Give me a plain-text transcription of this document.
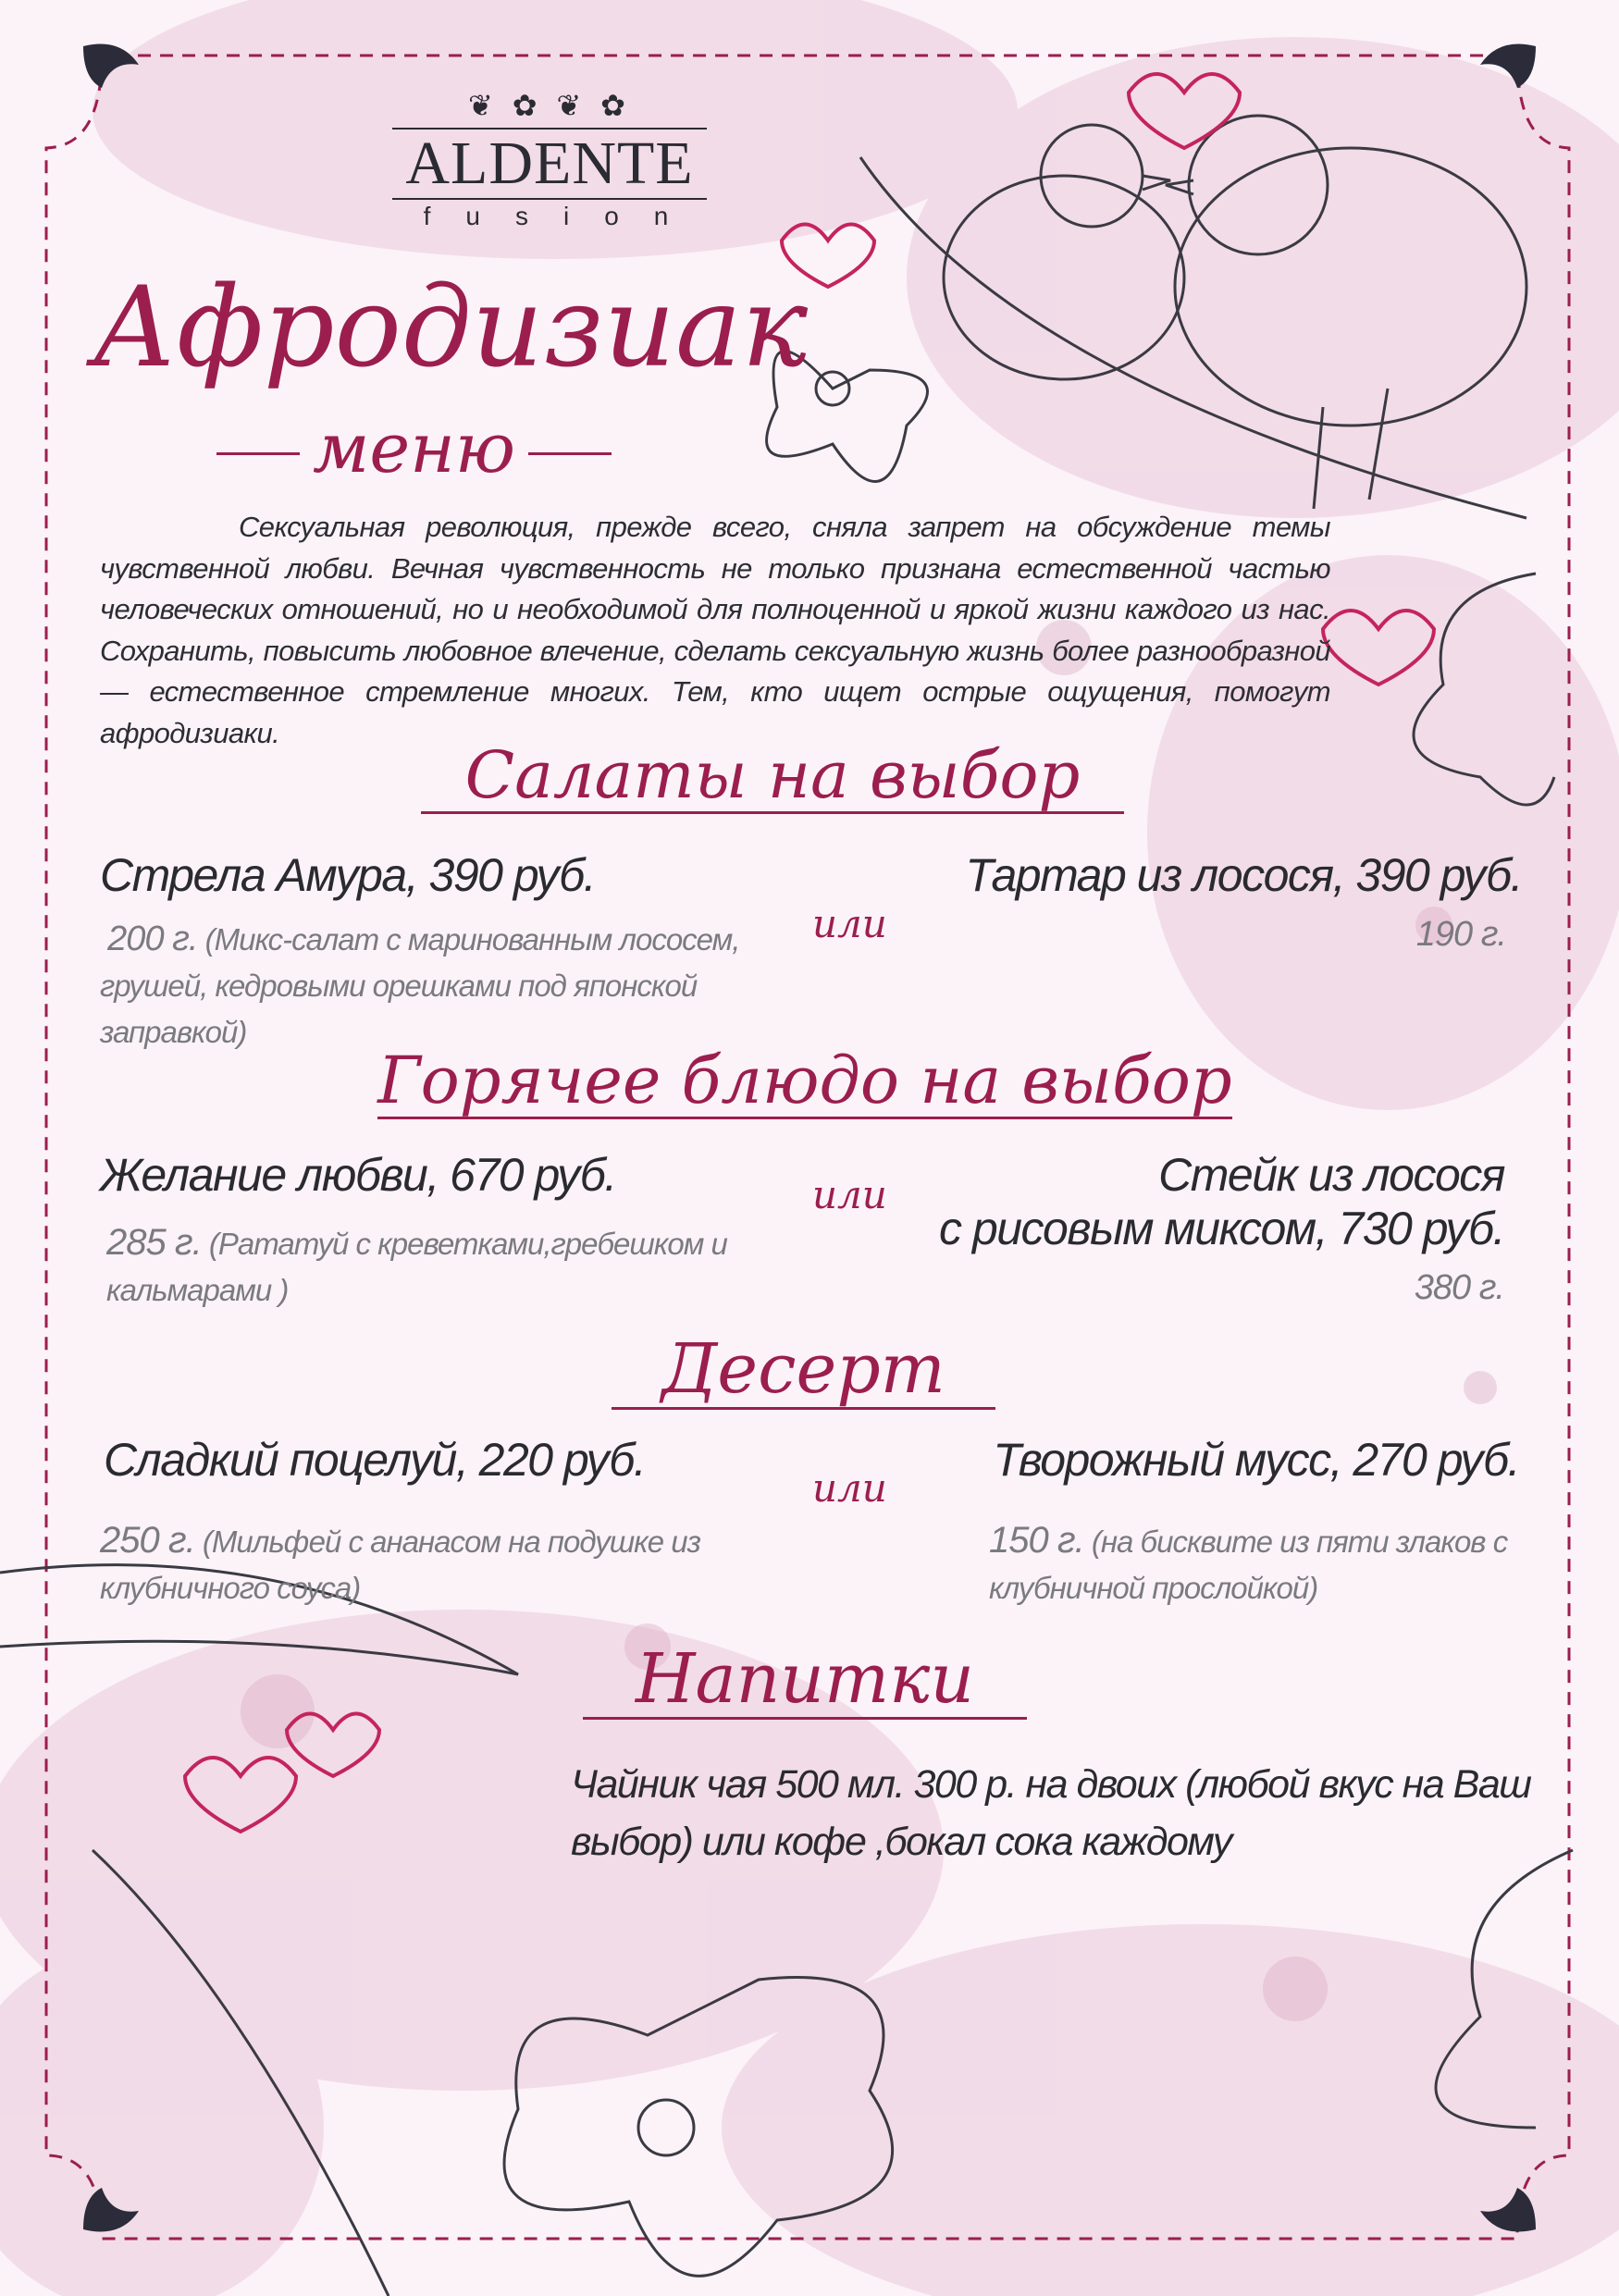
❦ ✿ ❦ ✿
ALDENTE
fusion
Афродизиак
меню

Сексуальная революция, прежде всего, сняла запрет на обсуждение темы чувственной любви. Вечная чувственность не только признана естественной частью человеческих отношений, но и необходимой для полноценной и яркой жизни каждого из нас. Сохранить, повысить любовное влечение, сделать сексуальную жизнь более разнообразной — естественное стремление многих. Тем, кто ищет острые ощущения, помогут афродизиаки.

Салаты на выбор
Стрела Амура, 390 руб.
200 г. (Микс-салат с маринованным лососем, грушей, кедровыми орешками под японской заправкой)
или
Тартар из лосося, 390 руб.
190 г.
Горячее блюдо на выбор
Желание любви, 670 руб.
285 г. (Рататуй с креветками,гребешком и кальмарами )
или	Стейк из лосося
с рисовым миксом, 730 руб.
380 г.
Десерт
Сладкий поцелуй, 220 руб.
250 г. (Мильфей с ананасом на подушке из клубничного соуса)
или
Творожный мусс, 270 руб.
150 г. (на бисквите из пяти злаков с клубничной прослойкой)
Напитки
Чайник чая 500 мл. 300 р. на двоих (любой вкус на Ваш выбор) или кофе ,бокал сока каждому
